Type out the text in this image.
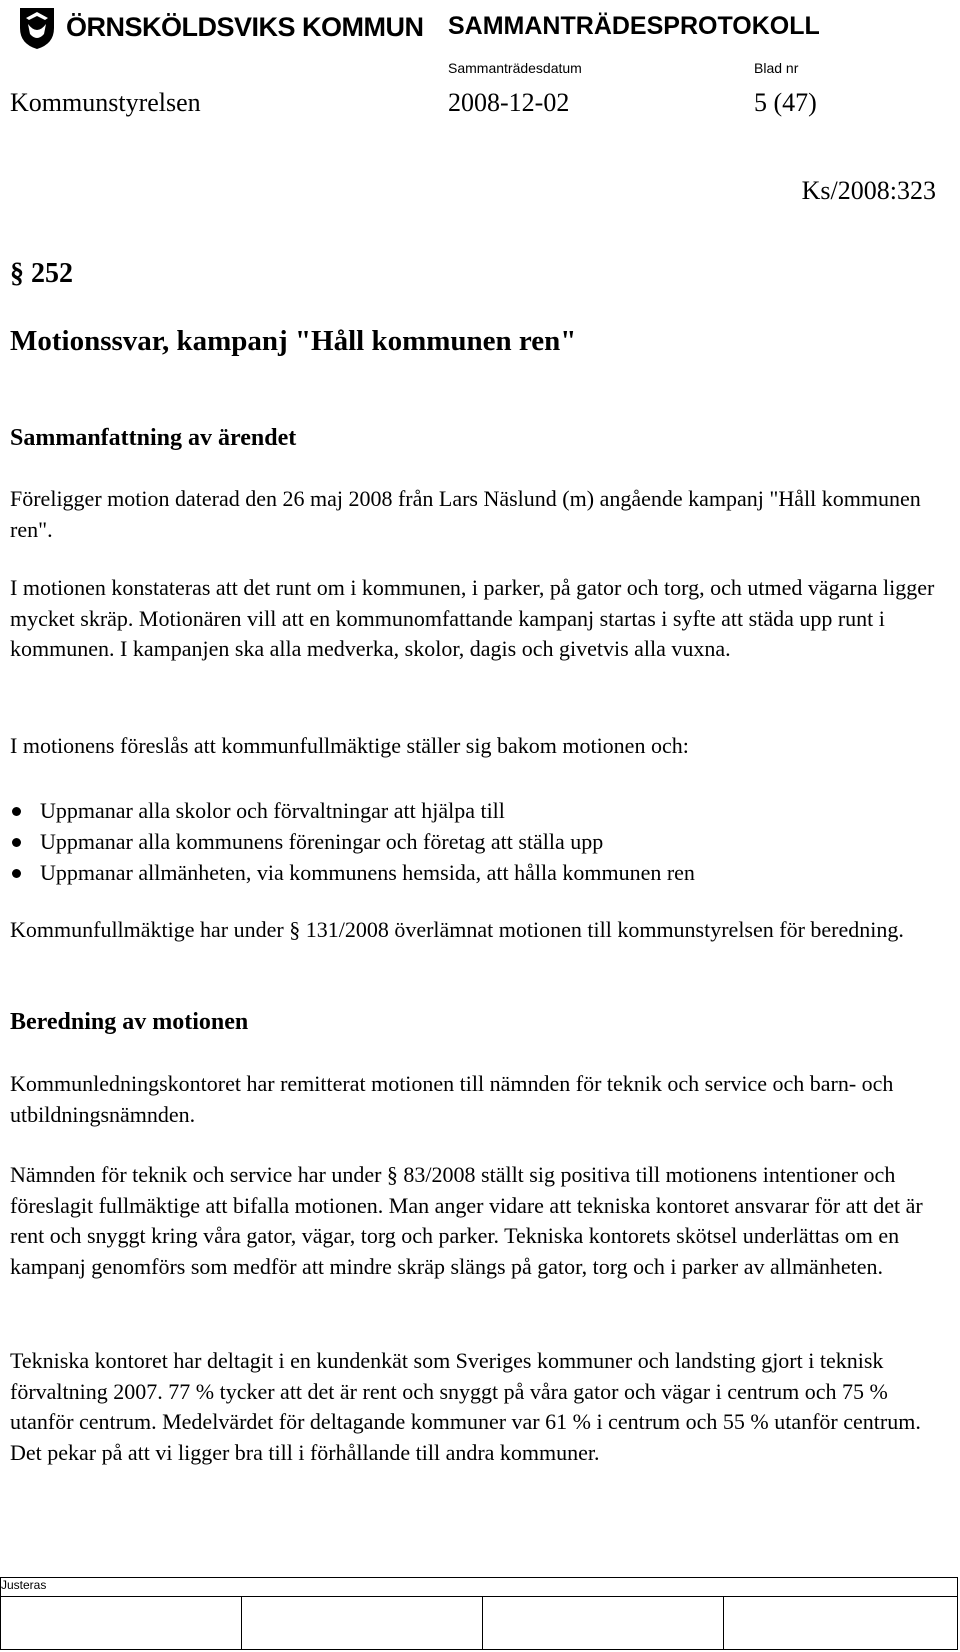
ÖRNSKÖLDSVIKS KOMMUN SAMMANTRÄDESPROTOKOLL
Sammanträdesdatum	Blad nr
Kommunstyrelsen	2008-12-02	5 (47)
Ks/2008:323
§ 252
Motionssvar, kampanj "Håll kommunen ren"
Sammanfattning av ärendet
Föreligger motion daterad den 26 maj 2008 från Lars Näslund (m) angående kampanj "Håll kommunen ren".
I motionen konstateras att det runt om i kommunen, i parker, på gator och torg, och utmed vägarna ligger mycket skräp. Motionären vill att en kommunomfattande kampanj startas i syfte att städa upp runt i kommunen. I kampanjen ska alla medverka, skolor, dagis och givetvis alla vuxna.
I motionens föreslås att kommunfullmäktige ställer sig bakom motionen och:
Uppmanar alla skolor och förvaltningar att hjälpa till
Uppmanar alla kommunens föreningar och företag att ställa upp
Uppmanar allmänheten, via kommunens hemsida, att hålla kommunen ren
Kommunfullmäktige har under § 131/2008 överlämnat motionen till kommunstyrelsen för beredning.
Beredning av motionen
Kommunledningskontoret har remitterat motionen till nämnden för teknik och service och barn- och utbildningsnämnden.
Nämnden för teknik och service har under § 83/2008 ställt sig positiva till motionens intentioner och föreslagit fullmäktige att bifalla motionen. Man anger vidare att tekniska kontoret ansvarar för att det är rent och snyggt kring våra gator, vägar, torg och parker. Tekniska kontorets skötsel underlättas om en kampanj genomförs som medför att mindre skräp slängs på gator, torg och i parker av allmänheten.
Tekniska kontoret har deltagit i en kundenkät som Sveriges kommuner och landsting gjort i teknisk förvaltning 2007. 77 % tycker att det är rent och snyggt på våra gator och vägar i centrum och 75 % utanför centrum. Medelvärdet för deltagande kommuner var 61 % i centrum och 55 % utanför centrum. Det pekar på att vi ligger bra till i förhållande till andra kommuner.
Justeras
